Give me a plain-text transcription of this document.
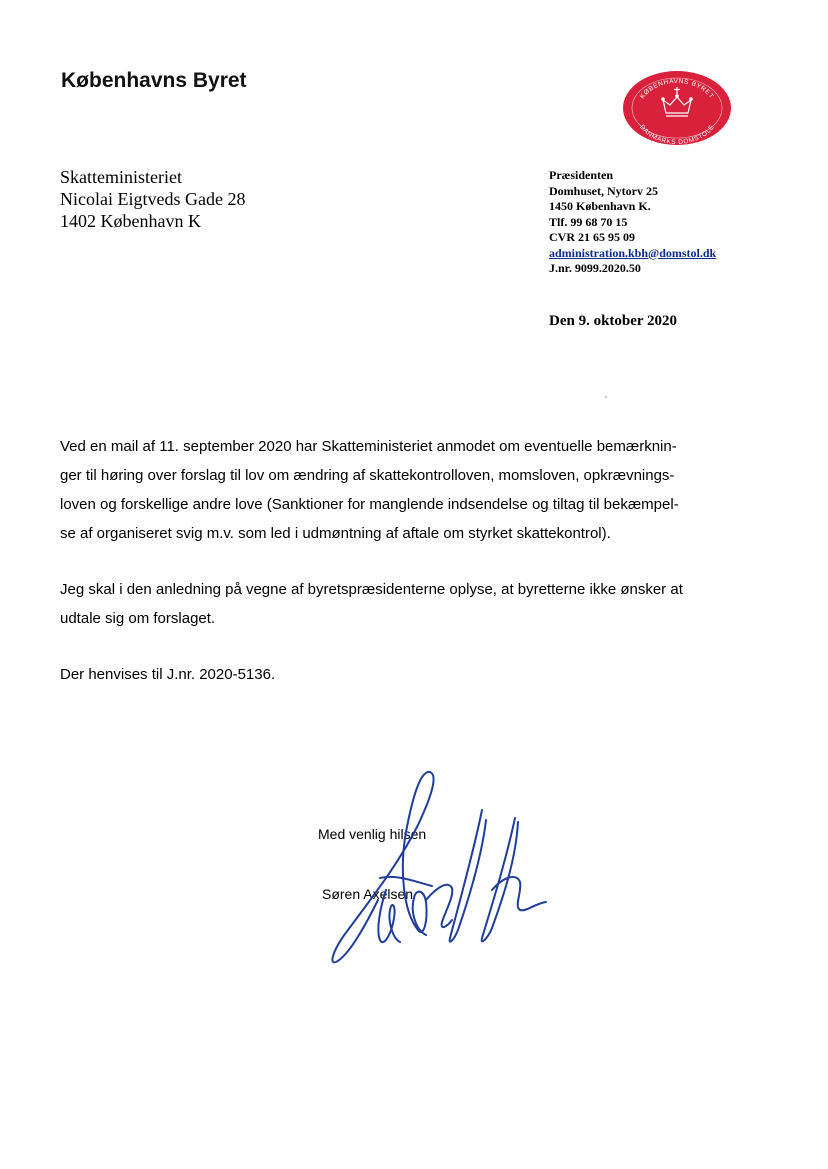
Københavns Byret
KØBENHAVNS BYRET
DANMARKS DOMSTOLE
Skatteministeriet
Nicolai Eigtveds Gade 28
1402 København K
Præsidenten
Domhuset, Nytorv 25
1450 København K.
Tlf. 99 68 70 15
CVR 21 65 95 09
administration.kbh@domstol.dk
J.nr. 9099.2020.50
Den 9. oktober 2020
Ved en mail af 11. september 2020 har Skatteministeriet anmodet om eventuelle bemærknin-
ger til høring over forslag til lov om ændring af skattekontrolloven, momsloven, opkrævnings-
loven og forskellige andre love (Sanktioner for manglende indsendelse og tiltag til bekæmpel-
se af organiseret svig m.v. som led i udmøntning af aftale om styrket skattekontrol).
Jeg skal i den anledning på vegne af byretspræsidenterne oplyse, at byretterne ikke ønsker at
udtale sig om forslaget.
Der henvises til J.nr. 2020-5136.
Med venlig hilsen
Søren Axelsen
